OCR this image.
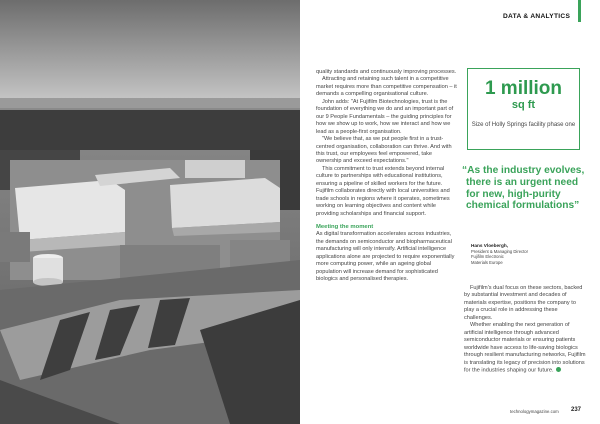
DATA & ANALYTICS

quality standards and continuously improving processes.

Attracting and retaining such talent in a competitive market requires more than competitive compensation – it demands a compelling organisational culture.

John adds: "At Fujifilm Biotechnologies, trust is the foundation of everything we do and an important part of our 9 People Fundamentals – the guiding principles for how we show up to work, how we interact and how we lead as a people-first organisation.

"We believe that, as we put people first in a trust-centred organisation, collaboration can thrive. And with this trust, our employees feel empowered, take ownership and exceed expectations."

This commitment to trust extends beyond internal culture to partnerships with educational institutions, ensuring a pipeline of skilled workers for the future. Fujifilm collaborates directly with local universities and trade schools in regions where it operates, sometimes working on learning objectives and content while providing scholarships and financial support.

Meeting the moment

As digital transformation accelerates across industries, the demands on semiconductor and biopharmaceutical manufacturing will only intensify. Artificial intelligence applications alone are projected to require exponentially more computing power, while an ageing global population will increase demand for sophisticated biologics and personalised therapies.

1 million
sq ft
Size of Holly Springs facility phase one
“As the industry evolves, there is an urgent need for new, high-purity chemical formulations”
Hans Vloebergh,
President & Managing Director
Fujifilm Electronic
Materials Europe

Fujifilm's dual focus on these sectors, backed by substantial investment and decades of materials expertise, positions the company to play a crucial role in addressing these challenges.

Whether enabling the next generation of artificial intelligence through advanced semiconductor materials or ensuring patients worldwide have access to life-saving biologics through resilient manufacturing networks, Fujifilm is translating its legacy of precision into solutions for the industries shaping our future.

technologymagazine.com 237
